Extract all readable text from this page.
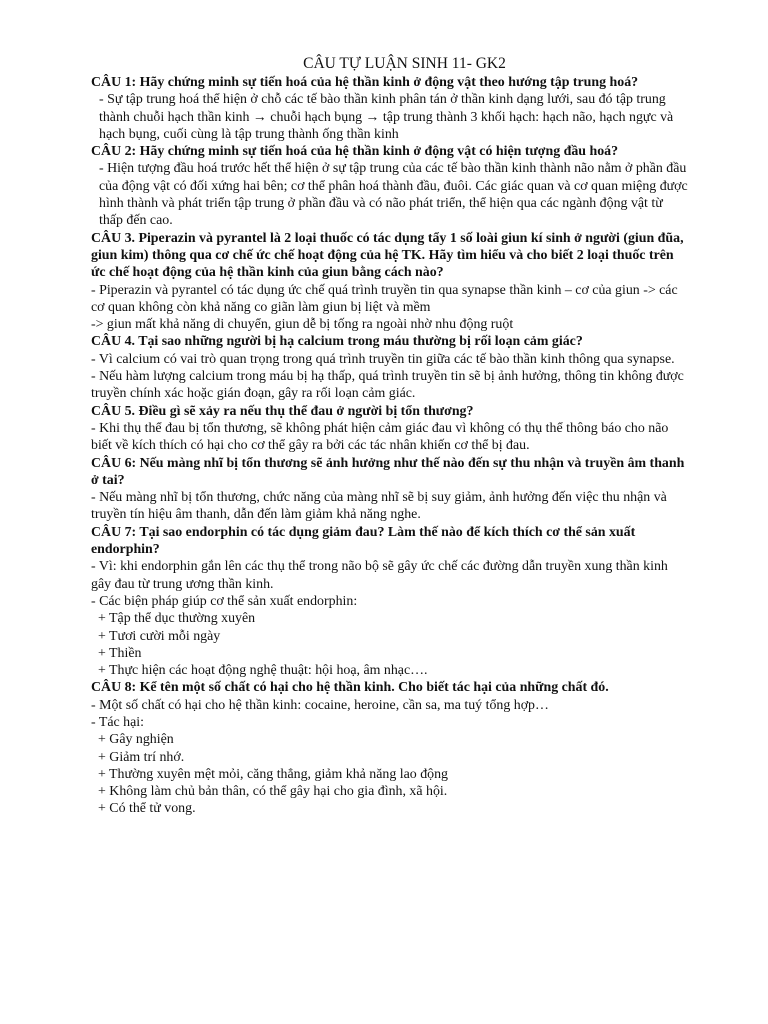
CÂU TỰ LUẬN SINH 11- GK2

CÂU 1: Hãy chứng minh sự tiến hoá của hệ thần kinh ở động vật theo hướng tập trung hoá?

- Sự tập trung hoá thể hiện ở chỗ các tế bào thần kinh phân tán ở thần kinh dạng lưới, sau đó tập trung thành chuỗi hạch thần kinh → chuỗi hạch bụng → tập trung thành 3 khối hạch: hạch não, hạch ngực và hạch bụng, cuối cùng là tập trung thành ống thần kinh

CÂU 2: Hãy chứng minh sự tiến hoá của hệ thần kinh ở động vật có hiện tượng đầu hoá?

- Hiện tượng đầu hoá trước hết thể hiện ở sự tập trung của các tế bào thần kinh thành não nằm ở phần đầu của động vật có đối xứng hai bên; cơ thể phân hoá thành đầu, đuôi. Các giác quan và cơ quan miệng được hình thành và phát triển tập trung ở phần đầu và có não phát triển, thể hiện qua các ngành động vật từ thấp đến cao.

CÂU 3. Piperazin và pyrantel là 2 loại thuốc có tác dụng tẩy 1 số loài giun kí sinh ở người (giun đũa, giun kim) thông qua cơ chế ức chế hoạt động của hệ TK. Hãy tìm hiểu và cho biết 2 loại thuốc trên ức chế hoạt động của hệ thần kinh của giun bằng cách nào?

- Piperazin và pyrantel có tác dụng ức chế quá trình truyền tin qua synapse thần kinh – cơ của giun -> các cơ quan không còn khả năng co giãn làm giun bị liệt và mềm

-> giun mất khả năng di chuyển, giun dễ bị tống ra ngoài nhờ nhu động ruột

CÂU 4. Tại sao những người bị hạ calcium trong máu thường bị rối loạn cảm giác?

- Vì calcium có vai trò quan trọng trong quá trình truyền tin giữa các tế bào thần kinh thông qua synapse.

- Nếu hàm lượng calcium trong máu bị hạ thấp, quá trình truyền tin sẽ bị ảnh hưởng, thông tin không được truyền chính xác hoặc gián đoạn, gây ra rối loạn cảm giác.

CÂU 5. Điều gì sẽ xảy ra nếu thụ thể đau ở người bị tổn thương?

- Khi thụ thể đau bị tổn thương, sẽ không phát hiện cảm giác đau vì không có thụ thể thông báo cho não biết về kích thích có hại cho cơ thể gây ra bởi các tác nhân khiến cơ thể bị đau.

CÂU 6: Nếu màng nhĩ bị tổn thương sẽ ảnh hưởng như thế nào đến sự thu nhận và truyền âm thanh ở tai?

- Nếu màng nhĩ bị tổn thương, chức năng của màng nhĩ sẽ bị suy giảm, ảnh hưởng đến việc thu nhận và truyền tín hiệu âm thanh, dẫn đến làm giảm khả năng nghe.

CÂU 7: Tại sao endorphin có tác dụng giảm đau? Làm thế nào để kích thích cơ thể sản xuất endorphin?

- Vì: khi endorphin gắn lên các thụ thể trong não bộ sẽ gây ức chế các đường dẫn truyền xung thần kinh gây đau từ trung ương thần kinh.

- Các biện pháp giúp cơ thể sản xuất endorphin:

+ Tập thể dục thường xuyên

+ Tươi cười mỗi ngày

+ Thiền

+ Thực hiện các hoạt động nghệ thuật: hội hoạ, âm nhạc….

CÂU 8: Kể tên một số chất có hại cho hệ thần kinh. Cho biết tác hại của những chất đó.

- Một số chất có hại cho hệ thần kinh: cocaine, heroine, cần sa, ma tuý tổng hợp…

- Tác hại:

+ Gây nghiện

+ Giảm trí nhớ.

+ Thường xuyên mệt mỏi, căng thẳng, giảm khả năng lao động

+ Không làm chủ bản thân, có thể gây hại cho gia đình, xã hội.

+ Có thể tử vong.
